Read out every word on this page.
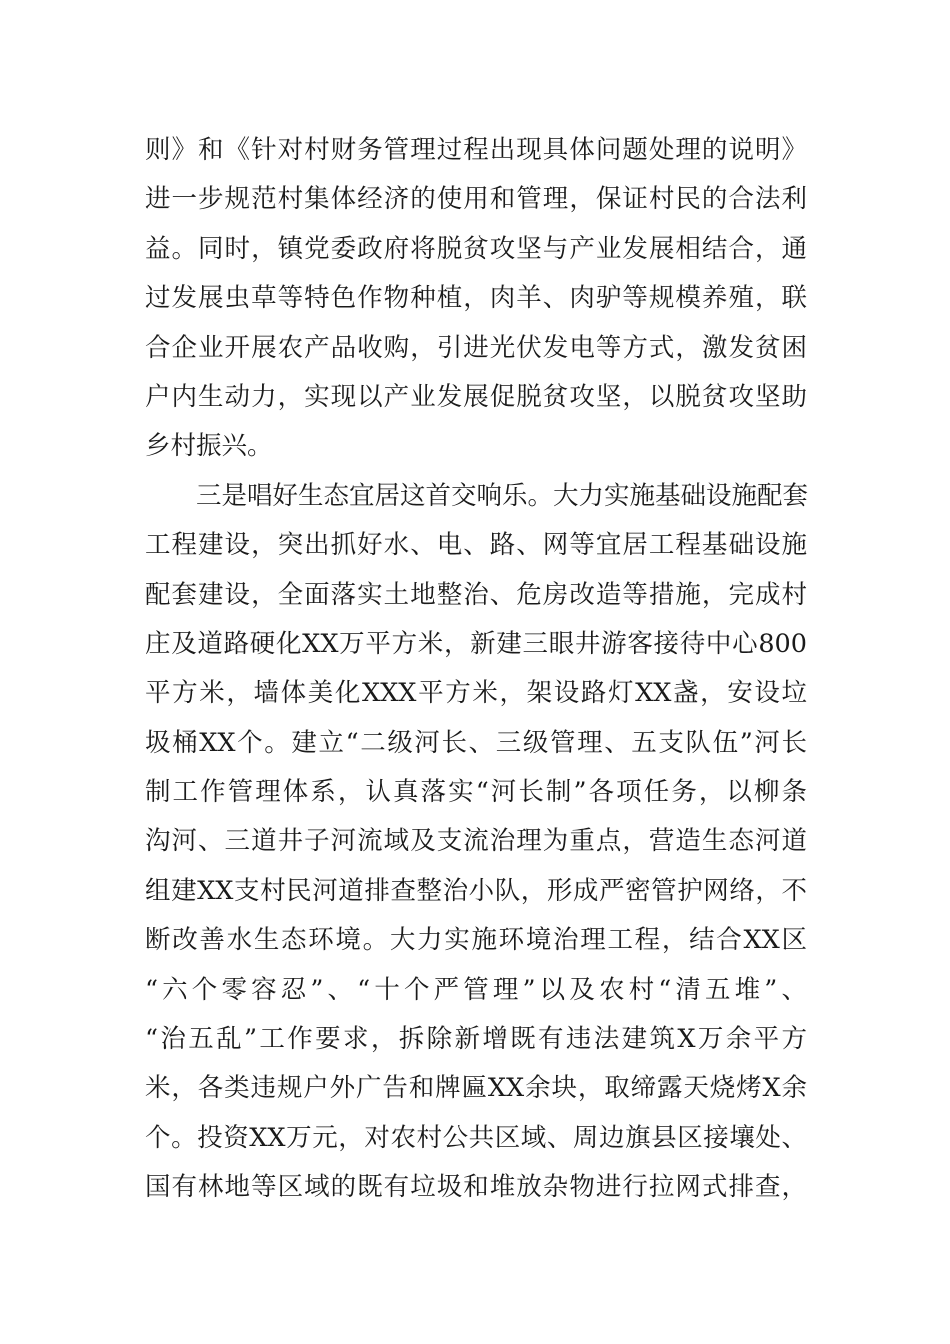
则》和《针对村财务管理过程出现具体问题处理的说明》
进一步规范村集体经济的使用和管理，保证村民的合法利
益。同时，镇党委政府将脱贫攻坚与产业发展相结合，通
过发展虫草等特色作物种植，肉羊、肉驴等规模养殖，联
合企业开展农产品收购，引进光伏发电等方式，激发贫困
户内生动力，实现以产业发展促脱贫攻坚，以脱贫攻坚助
乡村振兴。
三是唱好生态宜居这首交响乐。大力实施基础设施配套
工程建设，突出抓好水、电、路、网等宜居工程基础设施
配套建设，全面落实土地整治、危房改造等措施，完成村
庄及道路硬化XX万平方米，新建三眼井游客接待中心800
平方米，墙体美化XXX平方米，架设路灯XX盏，安设垃
圾桶XX个。建立“二级河长、三级管理、五支队伍”河长
制工作管理体系，认真落实“河长制”各项任务，以柳条
沟河、三道井子河流域及支流治理为重点，营造生态河道
组建XX支村民河道排查整治小队，形成严密管护网络，不
断改善水生态环境。大力实施环境治理工程，结合XX区
“六个零容忍”、“十个严管理”以及农村“清五堆”、
“治五乱”工作要求，拆除新增既有违法建筑X万余平方
米，各类违规户外广告和牌匾XX余块，取缔露天烧烤X余
个。投资XX万元，对农村公共区域、周边旗县区接壤处、
国有林地等区域的既有垃圾和堆放杂物进行拉网式排查，
